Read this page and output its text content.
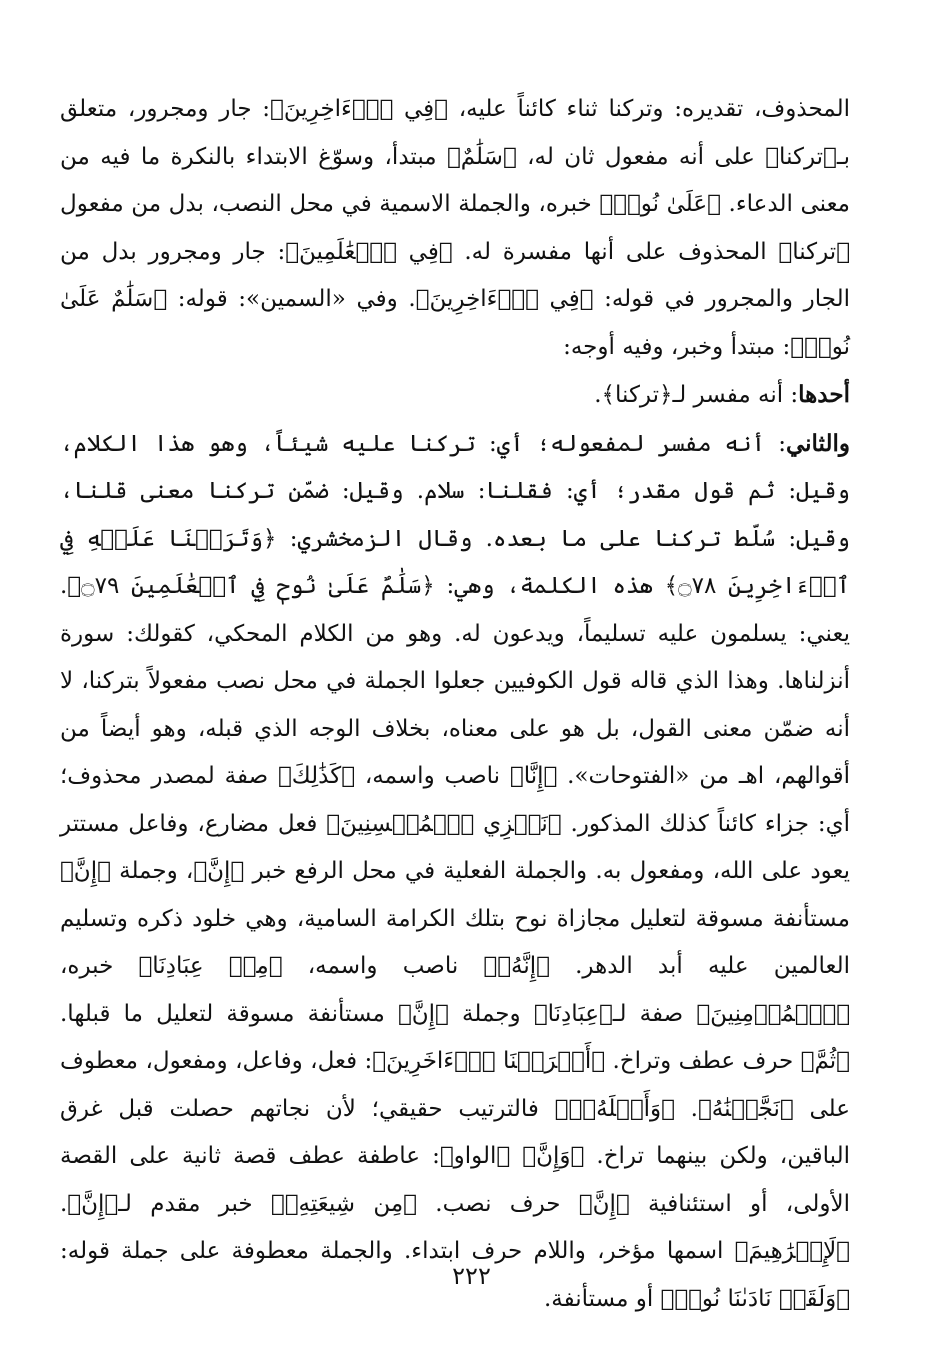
المحذوف، تقديره: وتركنا ثناء كائناً عليه، ﴿فِي ٱلۡءَاخِرِينَ﴾: جار ومجرور، متعلق بـ﴿تركنا﴾ على أنه مفعول ثان له، ﴿سَلَٰمٌ﴾ مبتدأ، وسوّغ الابتداء بالنكرة ما فيه من معنى الدعاء. ﴿عَلَىٰ نُوحٖ﴾ خبره، والجملة الاسمية في محل النصب، بدل من مفعول ﴿تركنا﴾ المحذوف على أنها مفسرة له. ﴿فِي ٱلۡعَٰلَمِينَ﴾: جار ومجرور بدل من الجار والمجرور في قوله: ﴿فِي ٱلۡءَاخِرِينَ﴾. وفي «السمين»: قوله: ﴿سَلَٰمٌ عَلَىٰ نُوحٖ﴾: مبتدأ وخبر، وفيه أوجه:

أحدها: أنه مفسر لـ﴿تركنا﴾.

والثاني: أنه مفسر لمفعوله؛ أي: تركنا عليه شيئاً، وهو هذا الكلام، وقيل: ثم قول مقدر؛ أي: فقلنا: سلام. وقيل: ضمّن تركنا معنى قلنا، وقيل: سُلّط تركنا على ما بعده. وقال الزمخشري: ﴿وَتَرَكۡنَا عَلَيۡهِ فِي ٱلۡءَاخِرِينَ ۝٧٨﴾ هذه الكلمة، وهي: ﴿سَلَٰمٌ عَلَىٰ نُوحٖ فِي ٱلۡعَٰلَمِينَ ۝٧٩﴾. يعني: يسلمون عليه تسليماً، ويدعون له. وهو من الكلام المحكي، كقولك: سورة أنزلناها. وهذا الذي قاله قول الكوفيين جعلوا الجملة في محل نصب مفعولاً بتركنا، لا أنه ضمّن معنى القول، بل هو على معناه، بخلاف الوجه الذي قبله، وهو أيضاً من أقوالهم، اهـ من «الفتوحات». ﴿إِنَّا﴾ ناصب واسمه، ﴿كَذَٰلِكَ﴾ صفة لمصدر محذوف؛ أي: جزاء كائناً كذلك المذكور. ﴿نَجۡزِي ٱلۡمُحۡسِنِينَ﴾ فعل مضارع، وفاعل مستتر يعود على الله، ومفعول به. والجملة الفعلية في محل الرفع خبر ﴿إِنَّ﴾، وجملة ﴿إِنَّ﴾ مستأنفة مسوقة لتعليل مجازاة نوح بتلك الكرامة السامية، وهي خلود ذكره وتسليم العالمين عليه أبد الدهر. ﴿إِنَّهُۥ﴾ ناصب واسمه، ﴿مِنۡ عِبَادِنَا﴾ خبره، ﴿ٱلۡمُؤۡمِنِينَ﴾ صفة لـ﴿عِبَادِنَا﴾ وجملة ﴿إِنَّ﴾ مستأنفة مسوقة لتعليل ما قبلها. ﴿ثُمَّ﴾ حرف عطف وتراخ. ﴿أَغۡرَقۡنَا ٱلۡءَاخَرِينَ﴾: فعل، وفاعل، ومفعول، معطوف على ﴿نَجَّيۡنَٰهُ﴾. ﴿وَأَهۡلَهُۥٓ﴾ فالترتيب حقيقي؛ لأن نجاتهم حصلت قبل غرق الباقين، ولكن بينهما تراخ. ﴿وَإِنَّ﴾ ﴿الواو﴾: عاطفة عطف قصة ثانية على القصة الأولى، أو استئنافية ﴿إِنَّ﴾ حرف نصب. ﴿مِن شِيعَتِهِۦ﴾ خبر مقدم لـ﴿إِنَّ﴾. ﴿لَإِبۡرَٰهِيمَ﴾ اسمها مؤخر، واللام حرف ابتداء. والجملة معطوفة على جملة قوله: ﴿وَلَقَدۡ نَادَىٰنَا نُوحٞ﴾ أو مستأنفة.

٢٢٢
